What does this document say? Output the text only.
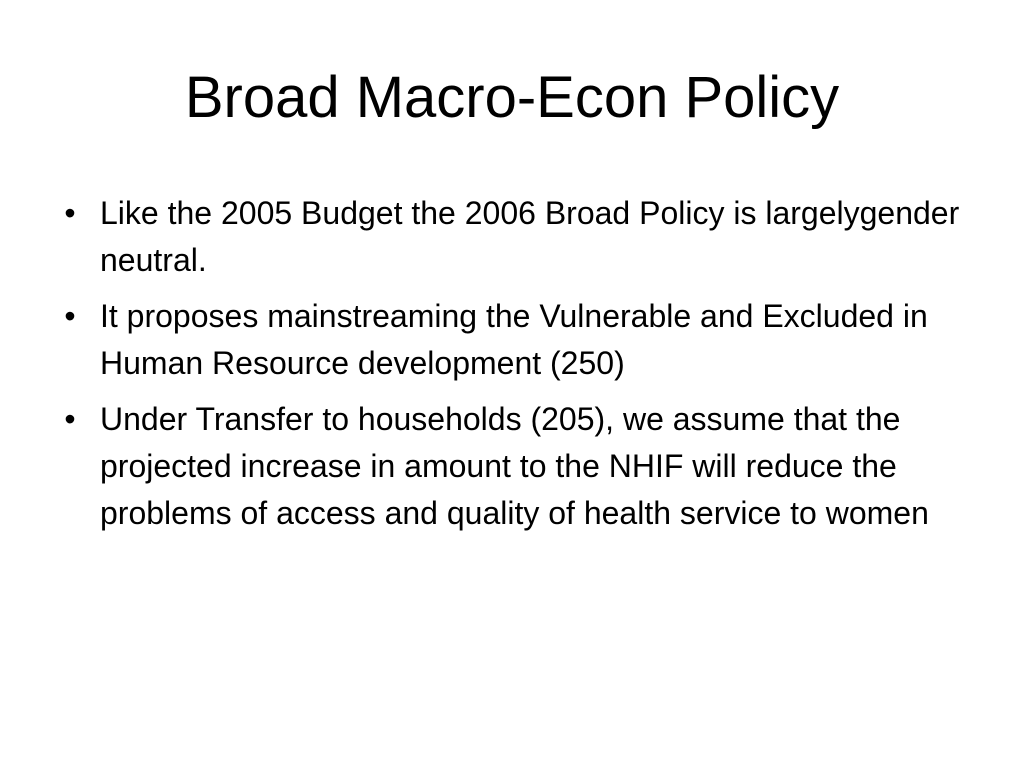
Broad Macro-Econ Policy
• Like the 2005 Budget the 2006 Broad Policy is largelygender neutral.
• It proposes mainstreaming the Vulnerable and Excluded in Human Resource development (250)
• Under Transfer to households (205), we assume that the projected increase in amount to the NHIF will reduce the problems of access and quality of health service to women
